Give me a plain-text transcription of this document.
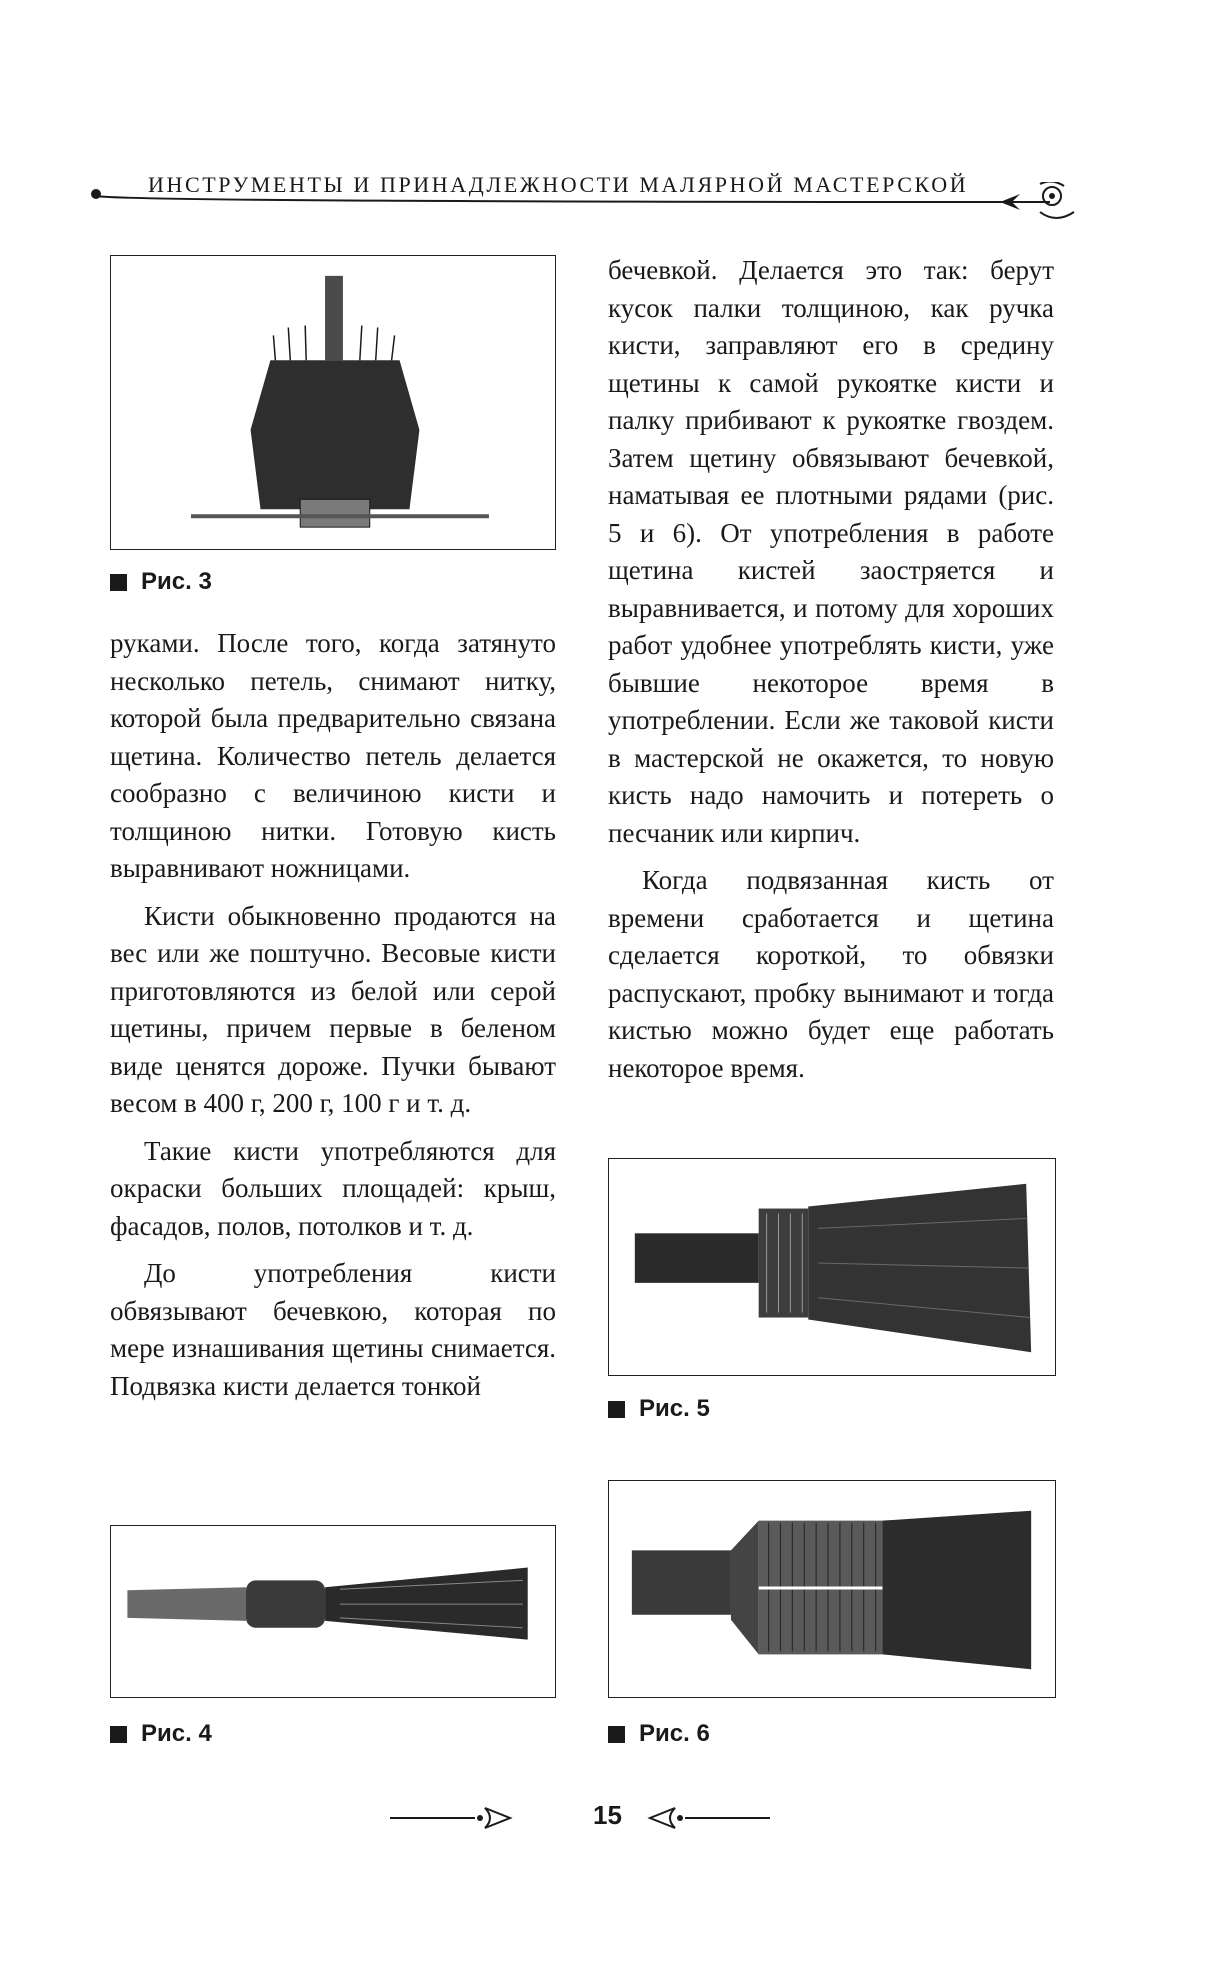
ИНСТРУМЕНТЫ И ПРИНАДЛЕЖНОСТИ МАЛЯРНОЙ МАСТЕРСКОЙ
Рис. 3

руками. После того, когда затянуто несколько петель, снимают нитку, которой была предварительно связана щетина. Количество петель делается сообразно с величиною кисти и толщиною нитки. Готовую кисть выравнивают ножницами.

Кисти обыкновенно продаются на вес или же поштучно. Весовые кисти приготовляются из белой или серой щетины, причем первые в беленом виде ценятся дороже. Пучки бывают весом в 400 г, 200 г, 100 г и т. д.

Такие кисти употребляются для окраски больших площадей: крыш, фасадов, полов, потолков и т. д.

До употребления кисти обвязывают бечевкою, которая по мере изнашивания щетины снимается. Подвязка кисти делается тонкой

Рис. 4

бечевкой. Делается это так: берут кусок палки толщиною, как ручка кисти, заправляют его в средину щетины к самой рукоятке кисти и палку прибивают к рукоятке гвоздем. Затем щетину обвязывают бечевкой, наматывая ее плотными рядами (рис. 5 и 6). От употребления в работе щетина кистей заостряется и выравнивается, и потому для хороших работ удобнее употреблять кисти, уже бывшие некоторое время в употреблении. Если же таковой кисти в мастерской не окажется, то новую кисть надо намочить и потереть о песчаник или кирпич.

Когда подвязанная кисть от времени сработается и щетина сделается короткой, то обвязки распускают, пробку вынимают и тогда кистью можно будет еще работать некоторое время.

Рис. 5
Рис. 6
15
